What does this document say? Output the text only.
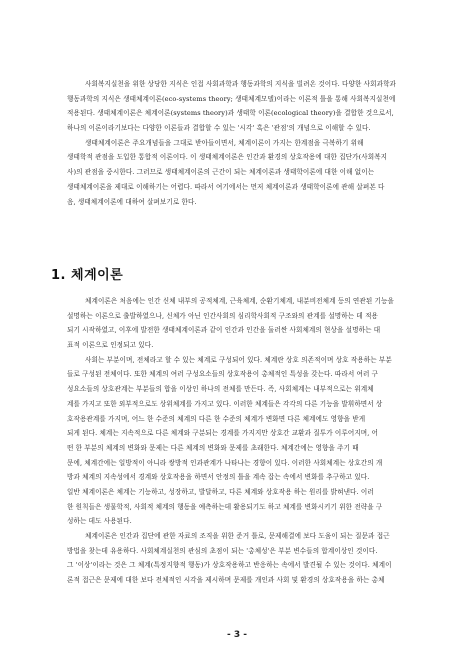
사회복지실천을 위한 상당한 지식은 인접 사회과학과 행동과학의 지식을 빌려온 것이다. 다양한 사회과학과
행동과학의 지식은 생태체계이론(eco-systems theory; 생태체계모델)이라는 이론적 틀을 통해 사회복지실천에
적용된다. 생태체계이론은 체계이론(systems theory)과 생태학 이론(ecological theory)을 결합한 것으로서,
하나의 이론이라기보다는 다양한 이론들과 결합할 수 있는 '시각' 혹은 '관점'의 개념으로 이해할 수 있다.
생태체계이론은 주요개념들을 그대로 받아들이면서, 체계이론이 가지는 한계점을 극복하기 위해
생태학적 관점을 도입한 통합적 이론이다. 이 생태체계이론은 인간과 환경의 상호작용에 대한 집단가(사회복지
사)의 관점을 중시한다. 그러므로 생태체계이론의 근간이 되는 체계이론과 생태학이론에 대한 이해 없이는
생태체계이론을 제대로 이해하기는 어렵다. 따라서 여기에서는 먼저 체계이론과 생태학이론에 관해 살펴본 다
음, 생태체계이론에 대하여 살펴보기로 한다.
1. 체계이론
체계이론은 처음에는 인간 신체 내부의 공적체계, 근육체계, 순환기체계, 내분비전체계 등의 연관된 기능을
설명하는 이론으로 출발하였으나, 신체가 아닌 인간사회의 심리학사회적 구조와의 관계를 설명하는 데 적용
되기 시작하였고, 이후에 발전한 생태체계이론과 같이 인간과 인간을 둘러싼 사회체계의 현상을 설명하는 대
표적 이론으로 인정되고 있다.
사회는 부분이며, 전체라고 할 수 있는 체계로 구성되어 있다. 체계란 상호 의존적이며 상호 작용하는 부분
들로 구성된 전체이다. 또한 체계의 여러 구성요소들의 상호작용이 총체적인 특성을 갖는다. 따라서 여러 구
성요소들의 상호관계는 부분들의 합을 이상인 하나의 전체를 만든다. 즉, 사회체계는 내부적으로는 위계체
계를 가지고 또한 외부적으로도 상위체계를 가지고 있다. 이러한 체계들은 각각의 다른 기능을 발휘하면서 상
호작용관계를 가지며, 어느 한 수준의 체계의 다른 한 수준의 체계가 변화면 다른 체계에도 영향을 받게
되게 된다. 체계는 지속적으로 다른 체계와 구분되는 경계를 가지지만 상호간 교환과 질투가 이루어지며, 어
떤 한 부분의 체계의 변화와 문제는 다른 체계의 변화와 문제를 초래한다. 체계간에는 영향을 주기 때
문에, 체계간에는 일방적이 아니라 쌍방적 인과관계가 나타나는 경향이 있다. 이러한 사회체계는 상호간의 개
방과 체계의 지속성에서 경계와 상호작용을 하면서 안정의 틀을 계속 잡는 속에서 변화를 추구하고 있다.
일반 체계이론은 체계는 기능하고, 성장하고, 발달하고, 다른 체계와 상호작용 하는 원리를 밝혀낸다. 이러
한 원칙들은 생물학적, 사회적 체계의 행동을 예측하는데 활용되기도 하고 체계를 변화시키기 위한 전략을 구
성하는 데도 사용된다.
체계이론은 인간과 집단에 관한 자료의 조직을 위한 준거 틀로, 문제해결에 보다 도움이 되는 질문과 접근
방법을 찾는데 유용하다. 사회체계실천의 관심의 초점이 되는 '총체성'은 부분 변수들의 합계이상인 것이다.
그 '이상'이라는 것은 그 체계(특정지향적 행동)가 상호작용하고 반응하는 속에서 발견될 수 있는 것이다. 체계이
론적 접근은 문제에 대한 보다 전체적인 시각을 제시하며 문제를 개인과 사회 및 환경의 상호작용을 하는 총체
- 3 -
